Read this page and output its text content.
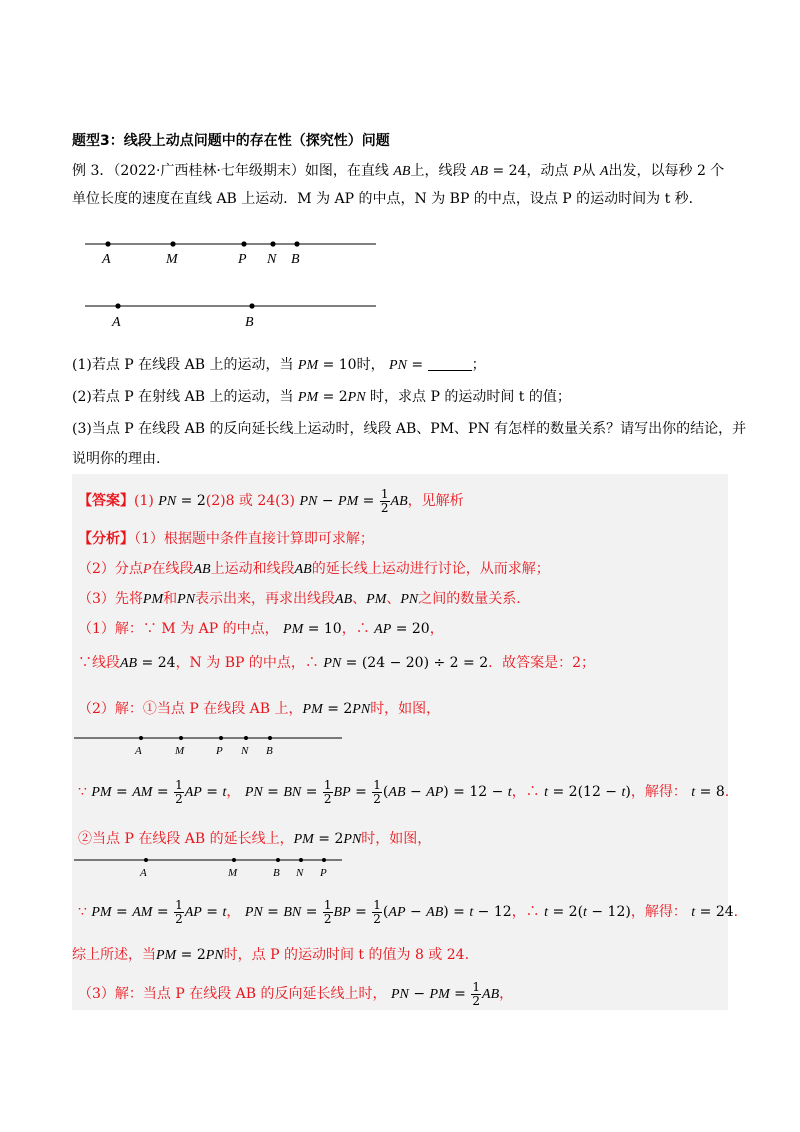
题型3：线段上动点问题中的存在性（探究性）问题
例 3．（2022·广西桂林·七年级期末）如图，在直线 AB上，线段 AB = 24，动点 P从 A出发，以每秒 2 个
单位长度的速度在直线 AB 上运动．M 为 AP 的中点，N 为 BP 的中点，设点 P 的运动时间为 t 秒．
A	M	P N B
A	B
(1)若点 P 在线段 AB 上的运动，当 PM = 10时， PN =	；
(2)若点 P 在射线 AB 上的运动，当 PM = 2PN 时，求点 P 的运动时间 t 的值；
(3)当点 P 在线段 AB 的反向延长线上运动时，线段 AB、PM、PN 有怎样的数量关系？请写出你的结论，并
说明你的理由.
【答案】(1) PN = 2(2)8 或 24(3) PN − PM = $\frac{1}{2}$ AB，见解析
【分析】（1）根据题中条件直接计算即可求解；
（2）分点P在线段AB上运动和线段AB的延长线上运动进行讨论，从而求解；
（3）先将PM和PN表示出来，再求出线段AB、PM、PN之间的数量关系.
（1）解：∵ M 为 AP 的中点， PM = 10，∴ AP = 20，
∵线段AB = 24，N 为 BP 的中点，∴ PN = (24 − 20) ÷ 2 = 2．故答案是：2；
（2）解：①当点 P 在线段 AB 上，PM = 2PN时，如图，
A	M	P N B
∵ PM = AM = $\frac{1}{2}$ AP = t， PN = BN = $\frac{1}{2}$ BP = $\frac{1}{2} (AB - AP) = 12 - t$，∴ t = 2(12 − t)，解得： t = 8.
②当点 P 在线段 AB 的延长线上，PM = 2PN时，如图，
A	M	B N P
∵ PM = AM = $\frac{1}{2}$ AP = t， PN = BN = $\frac{1}{2}$ BP = $\frac{1}{2} (AP - AB) = t - 12$，∴ t = 2(t − 12)，解得： t = 24.
综上所述，当PM = 2PN时，点 P 的运动时间 t 的值为 8 或 24.
（3）解：当点 P 在线段 AB 的反向延长线上时， PN − PM = $\frac{1}{2}$ AB，
